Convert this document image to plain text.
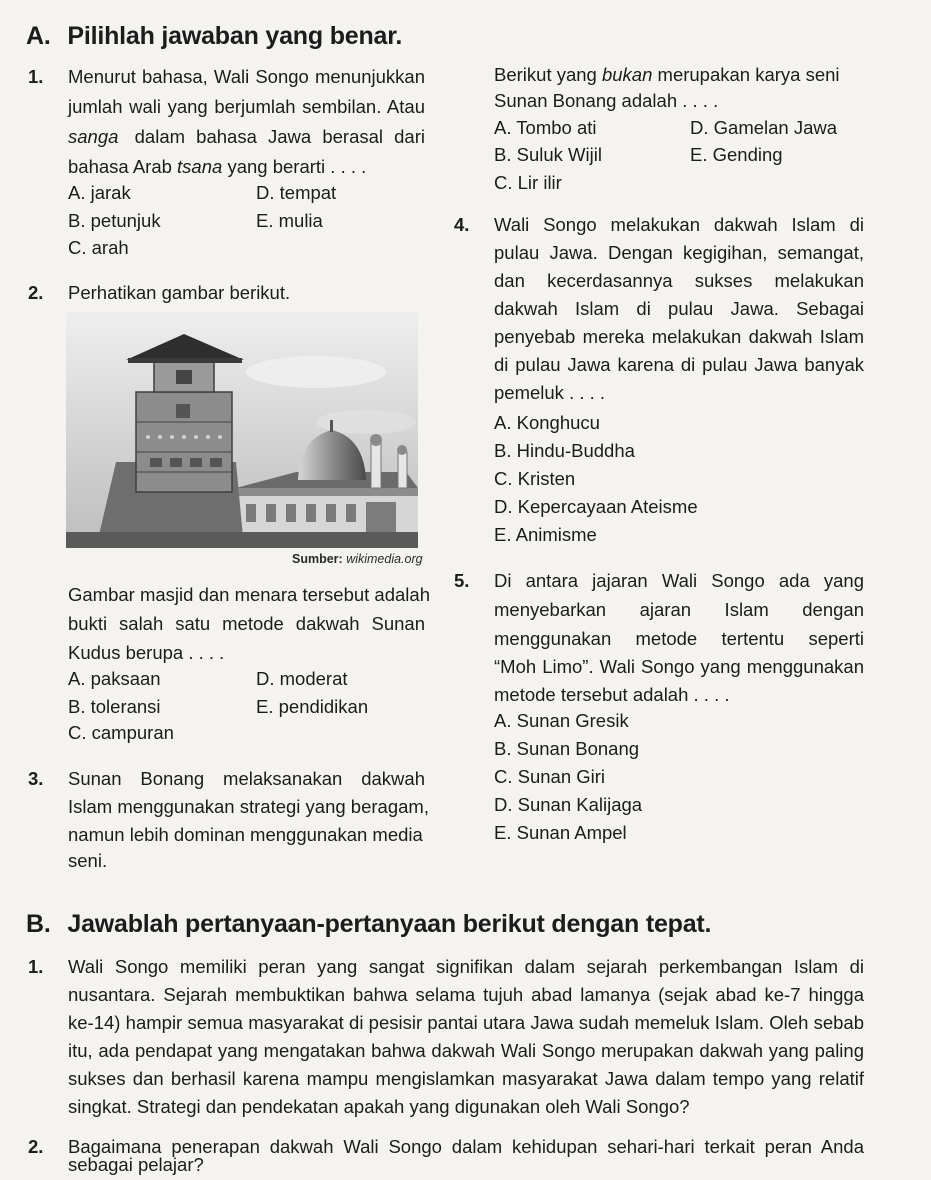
A. Pilihlah jawaban yang benar.
1. Menurut bahasa, Wali Songo menunjukkan
jumlah wali yang berjumlah sembilan. Atau
sanga dalam bahasa Jawa berasal dari
bahasa Arab tsana yang berarti . . . .
A. jarak
B. petunjuk
C. arah
D. tempat
E. mulia
2. Perhatikan gambar berikut.
Sumber: wikimedia.org
Gambar masjid dan menara tersebut adalah
bukti salah satu metode dakwah Sunan
Kudus berupa . . . .
A. paksaan
B. toleransi
C. campuran
D. moderat
E. pendidikan
3. Sunan Bonang melaksanakan dakwah
Islam menggunakan strategi yang beragam,
namun lebih dominan menggunakan media
seni.
Berikut yang bukan merupakan karya seni
Sunan Bonang adalah . . . .
A. Tombo ati
B. Suluk Wijil
C. Lir ilir
D. Gamelan Jawa
E. Gending
4. Wali Songo melakukan dakwah Islam di
pulau Jawa. Dengan kegigihan, semangat,
dan kecerdasannya sukses melakukan
dakwah Islam di pulau Jawa. Sebagai
penyebab mereka melakukan dakwah Islam
di pulau Jawa karena di pulau Jawa banyak
pemeluk . . . .
A. Konghucu
B. Hindu-Buddha
C. Kristen
D. Kepercayaan Ateisme
E. Animisme
5. Di antara jajaran Wali Songo ada yang
menyebarkan ajaran Islam dengan
menggunakan metode tertentu seperti
“Moh Limo”. Wali Songo yang menggunakan
metode tersebut adalah . . . .
A. Sunan Gresik
B. Sunan Bonang
C. Sunan Giri
D. Sunan Kalijaga
E. Sunan Ampel
B. Jawablah pertanyaan-pertanyaan berikut dengan tepat.
1. Wali Songo memiliki peran yang sangat signifikan dalam sejarah perkembangan Islam di
nusantara. Sejarah membuktikan bahwa selama tujuh abad lamanya (sejak abad ke-7 hingga
ke-14) hampir semua masyarakat di pesisir pantai utara Jawa sudah memeluk Islam. Oleh sebab
itu, ada pendapat yang mengatakan bahwa dakwah Wali Songo merupakan dakwah yang paling
sukses dan berhasil karena mampu mengislamkan masyarakat Jawa dalam tempo yang relatif
singkat. Strategi dan pendekatan apakah yang digunakan oleh Wali Songo?
2. Bagaimana penerapan dakwah Wali Songo dalam kehidupan sehari-hari terkait peran Anda
sebagai pelajar?
